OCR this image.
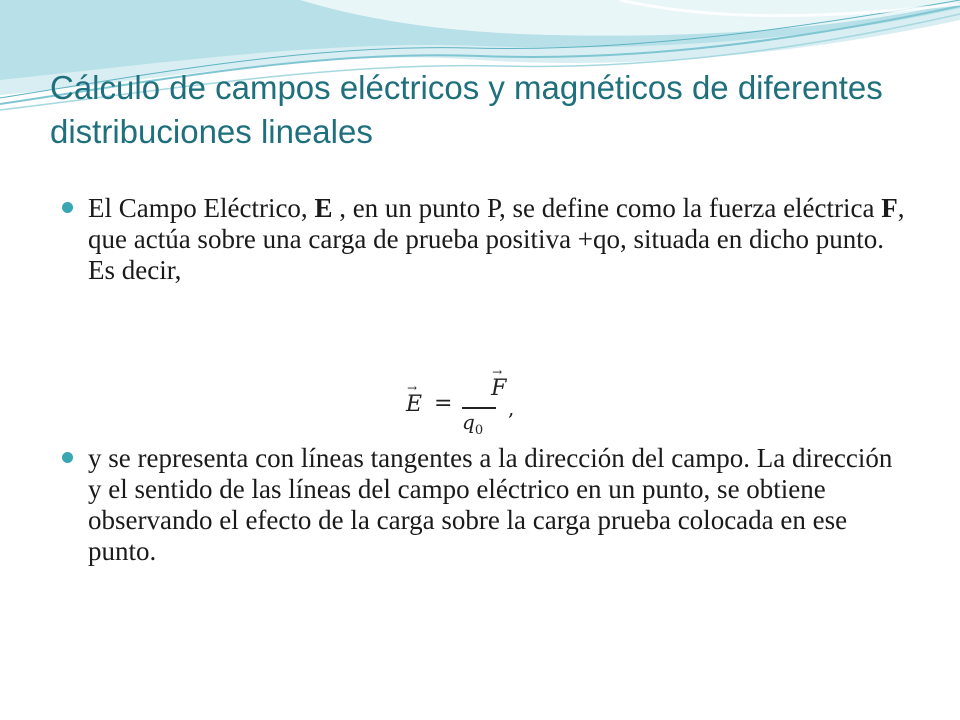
Cálculo de campos eléctricos y magnéticos de diferentes distribuciones lineales
El Campo Eléctrico, E , en un punto P, se define como la fuerza eléctrica F, que actúa sobre una carga de prueba positiva +qo, situada en dicho punto. Es decir,
→
E =
→
F
$q_0$
,
y se representa con líneas tangentes a la dirección del campo. La dirección y el sentido de las líneas del campo eléctrico en un punto, se obtiene observando el efecto de la carga sobre la carga prueba colocada en ese punto.
